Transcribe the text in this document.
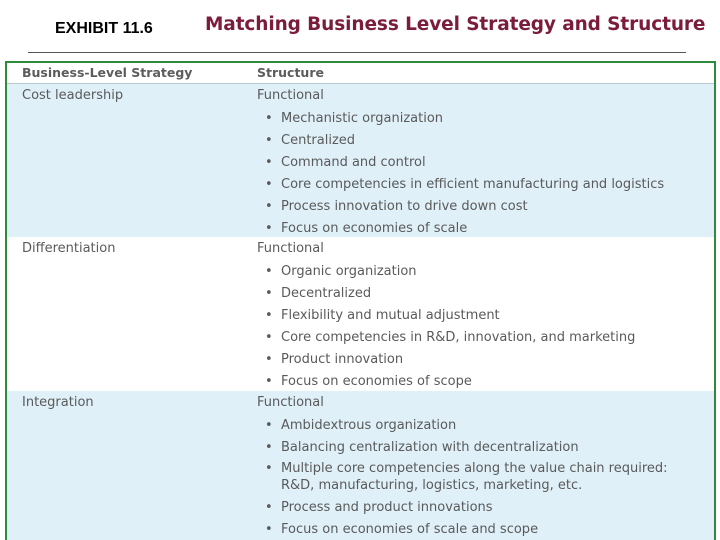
EXHIBIT 11.6	Matching Business Level Strategy and Structure
Business-Level Strategy	Structure
Cost leadership	Functional
• Mechanistic organization
• Centralized
• Command and control
• Core competencies in efficient manufacturing and logistics
• Process innovation to drive down cost
• Focus on economies of scale
Differentiation	Functional
• Organic organization
• Decentralized
• Flexibility and mutual adjustment
• Core competencies in R&D, innovation, and marketing
• Product innovation
• Focus on economies of scope
Integration	Functional
• Ambidextrous organization
• Balancing centralization with decentralization
• Multiple core competencies along the value chain required: R&D, manufacturing, logistics, marketing, etc.
• Process and product innovations
• Focus on economies of scale and scope
